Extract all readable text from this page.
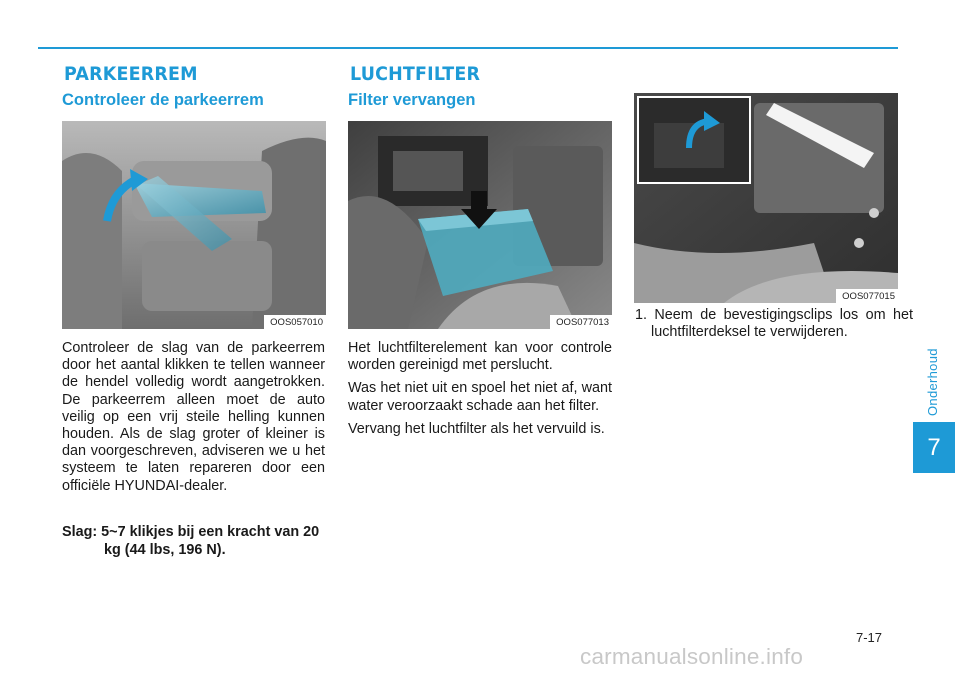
PARKEERREM
Controleer de parkeerrem
OOS057010

Controleer de slag van de parkeerrem door het aantal klikken te tellen wanneer de hendel volledig wordt aangetrokken. De parkeerrem alleen moet de auto veilig op een vrij steile helling kunnen houden. Als de slag groter of kleiner is dan voorgeschreven, adviseren we u het systeem te laten repareren door een officiële HYUNDAI-dealer.

Slag: 5~7 klikjes bij een kracht van 20 kg (44 lbs, 196 N).

LUCHTFILTER
Filter vervangen
OOS077013

Het luchtfilterelement kan voor controle worden gereinigd met perslucht.

Was het niet uit en spoel het niet af, want water veroorzaakt schade aan het filter.

Vervang het luchtfilter als het vervuild is.

OOS077015

1. Neem de bevestigingsclips los om het luchtfilterdeksel te verwijderen.

Onderhoud
7
7-17
carmanualsonline.info
